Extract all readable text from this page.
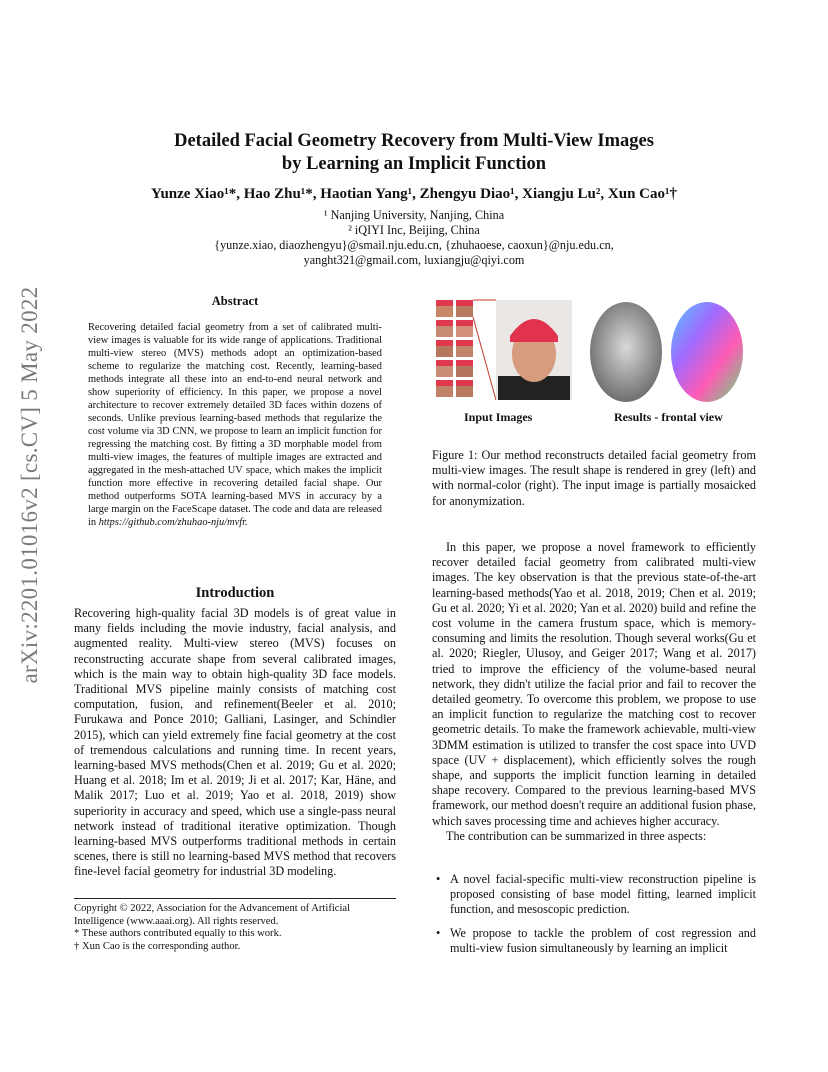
arXiv:2201.01016v2 [cs.CV] 5 May 2022
Detailed Facial Geometry Recovery from Multi-View Images
by Learning an Implicit Function
Yunze Xiao¹*, Hao Zhu¹*, Haotian Yang¹, Zhengyu Diao¹, Xiangju Lu², Xun Cao¹†
¹ Nanjing University, Nanjing, China
² iQIYI Inc, Beijing, China
{yunze.xiao, diaozhengyu}@smail.nju.edu.cn, {zhuhaoese, caoxun}@nju.edu.cn,
yanght321@gmail.com, luxiangju@qiyi.com
Abstract
Recovering detailed facial geometry from a set of calibrated multi-view images is valuable for its wide range of applications. Traditional multi-view stereo (MVS) methods adopt an optimization-based scheme to regularize the matching cost. Recently, learning-based methods integrate all these into an end-to-end neural network and show superiority of efficiency. In this paper, we propose a novel architecture to recover extremely detailed 3D faces within dozens of seconds. Unlike previous learning-based methods that regularize the cost volume via 3D CNN, we propose to learn an implicit function for regressing the matching cost. By fitting a 3D morphable model from multi-view images, the features of multiple images are extracted and aggregated in the mesh-attached UV space, which makes the implicit function more effective in recovering detailed facial shape. Our method outperforms SOTA learning-based MVS in accuracy by a large margin on the FaceScape dataset. The code and data are released in https://github.com/zhuhao-nju/mvfr.
Introduction
Recovering high-quality facial 3D models is of great value in many fields including the movie industry, facial analysis, and augmented reality. Multi-view stereo (MVS) focuses on reconstructing accurate shape from several calibrated images, which is the main way to obtain high-quality 3D face models. Traditional MVS pipeline mainly consists of matching cost computation, fusion, and refinement(Beeler et al. 2010; Furukawa and Ponce 2010; Galliani, Lasinger, and Schindler 2015), which can yield extremely fine facial geometry at the cost of tremendous calculations and running time. In recent years, learning-based MVS methods(Chen et al. 2019; Gu et al. 2020; Huang et al. 2018; Im et al. 2019; Ji et al. 2017; Kar, Häne, and Malik 2017; Luo et al. 2019; Yao et al. 2018, 2019) show superiority in accuracy and speed, which use a single-pass neural network instead of traditional iterative optimization. Though learning-based MVS outperforms traditional methods in certain scenes, there is still no learning-based MVS method that recovers fine-level facial geometry for industrial 3D modeling.
Copyright © 2022, Association for the Advancement of Artificial Intelligence (www.aaai.org). All rights reserved.
* These authors contributed equally to this work.
† Xun Cao is the corresponding author.
Input Images	Results - frontal view
Figure 1: Our method reconstructs detailed facial geometry from multi-view images. The result shape is rendered in grey (left) and with normal-color (right). The input image is partially mosaicked for anonymization.

In this paper, we propose a novel framework to efficiently recover detailed facial geometry from calibrated multi-view images. The key observation is that the previous state-of-the-art learning-based methods(Yao et al. 2018, 2019; Chen et al. 2019; Gu et al. 2020; Yi et al. 2020; Yan et al. 2020) build and refine the cost volume in the camera frustum space, which is memory-consuming and limits the resolution. Though several works(Gu et al. 2020; Riegler, Ulusoy, and Geiger 2017; Wang et al. 2017) tried to improve the efficiency of the volume-based neural network, they didn't utilize the facial prior and fail to recover the detailed geometry. To overcome this problem, we propose to use an implicit function to regularize the matching cost to recover geometric details. To make the framework achievable, multi-view 3DMM estimation is utilized to transfer the cost space into UVD space (UV + displacement), which efficiently solves the rough shape, and supports the implicit function learning in detailed shape recovery. Compared to the previous learning-based MVS framework, our method doesn't require an additional fusion phase, which saves processing time and achieves higher accuracy.

The contribution can be summarized in three aspects:

• A novel facial-specific multi-view reconstruction pipeline is proposed consisting of base model fitting, learned implicit function, and mesoscopic prediction.
• We propose to tackle the problem of cost regression and multi-view fusion simultaneously by learning an implicit
